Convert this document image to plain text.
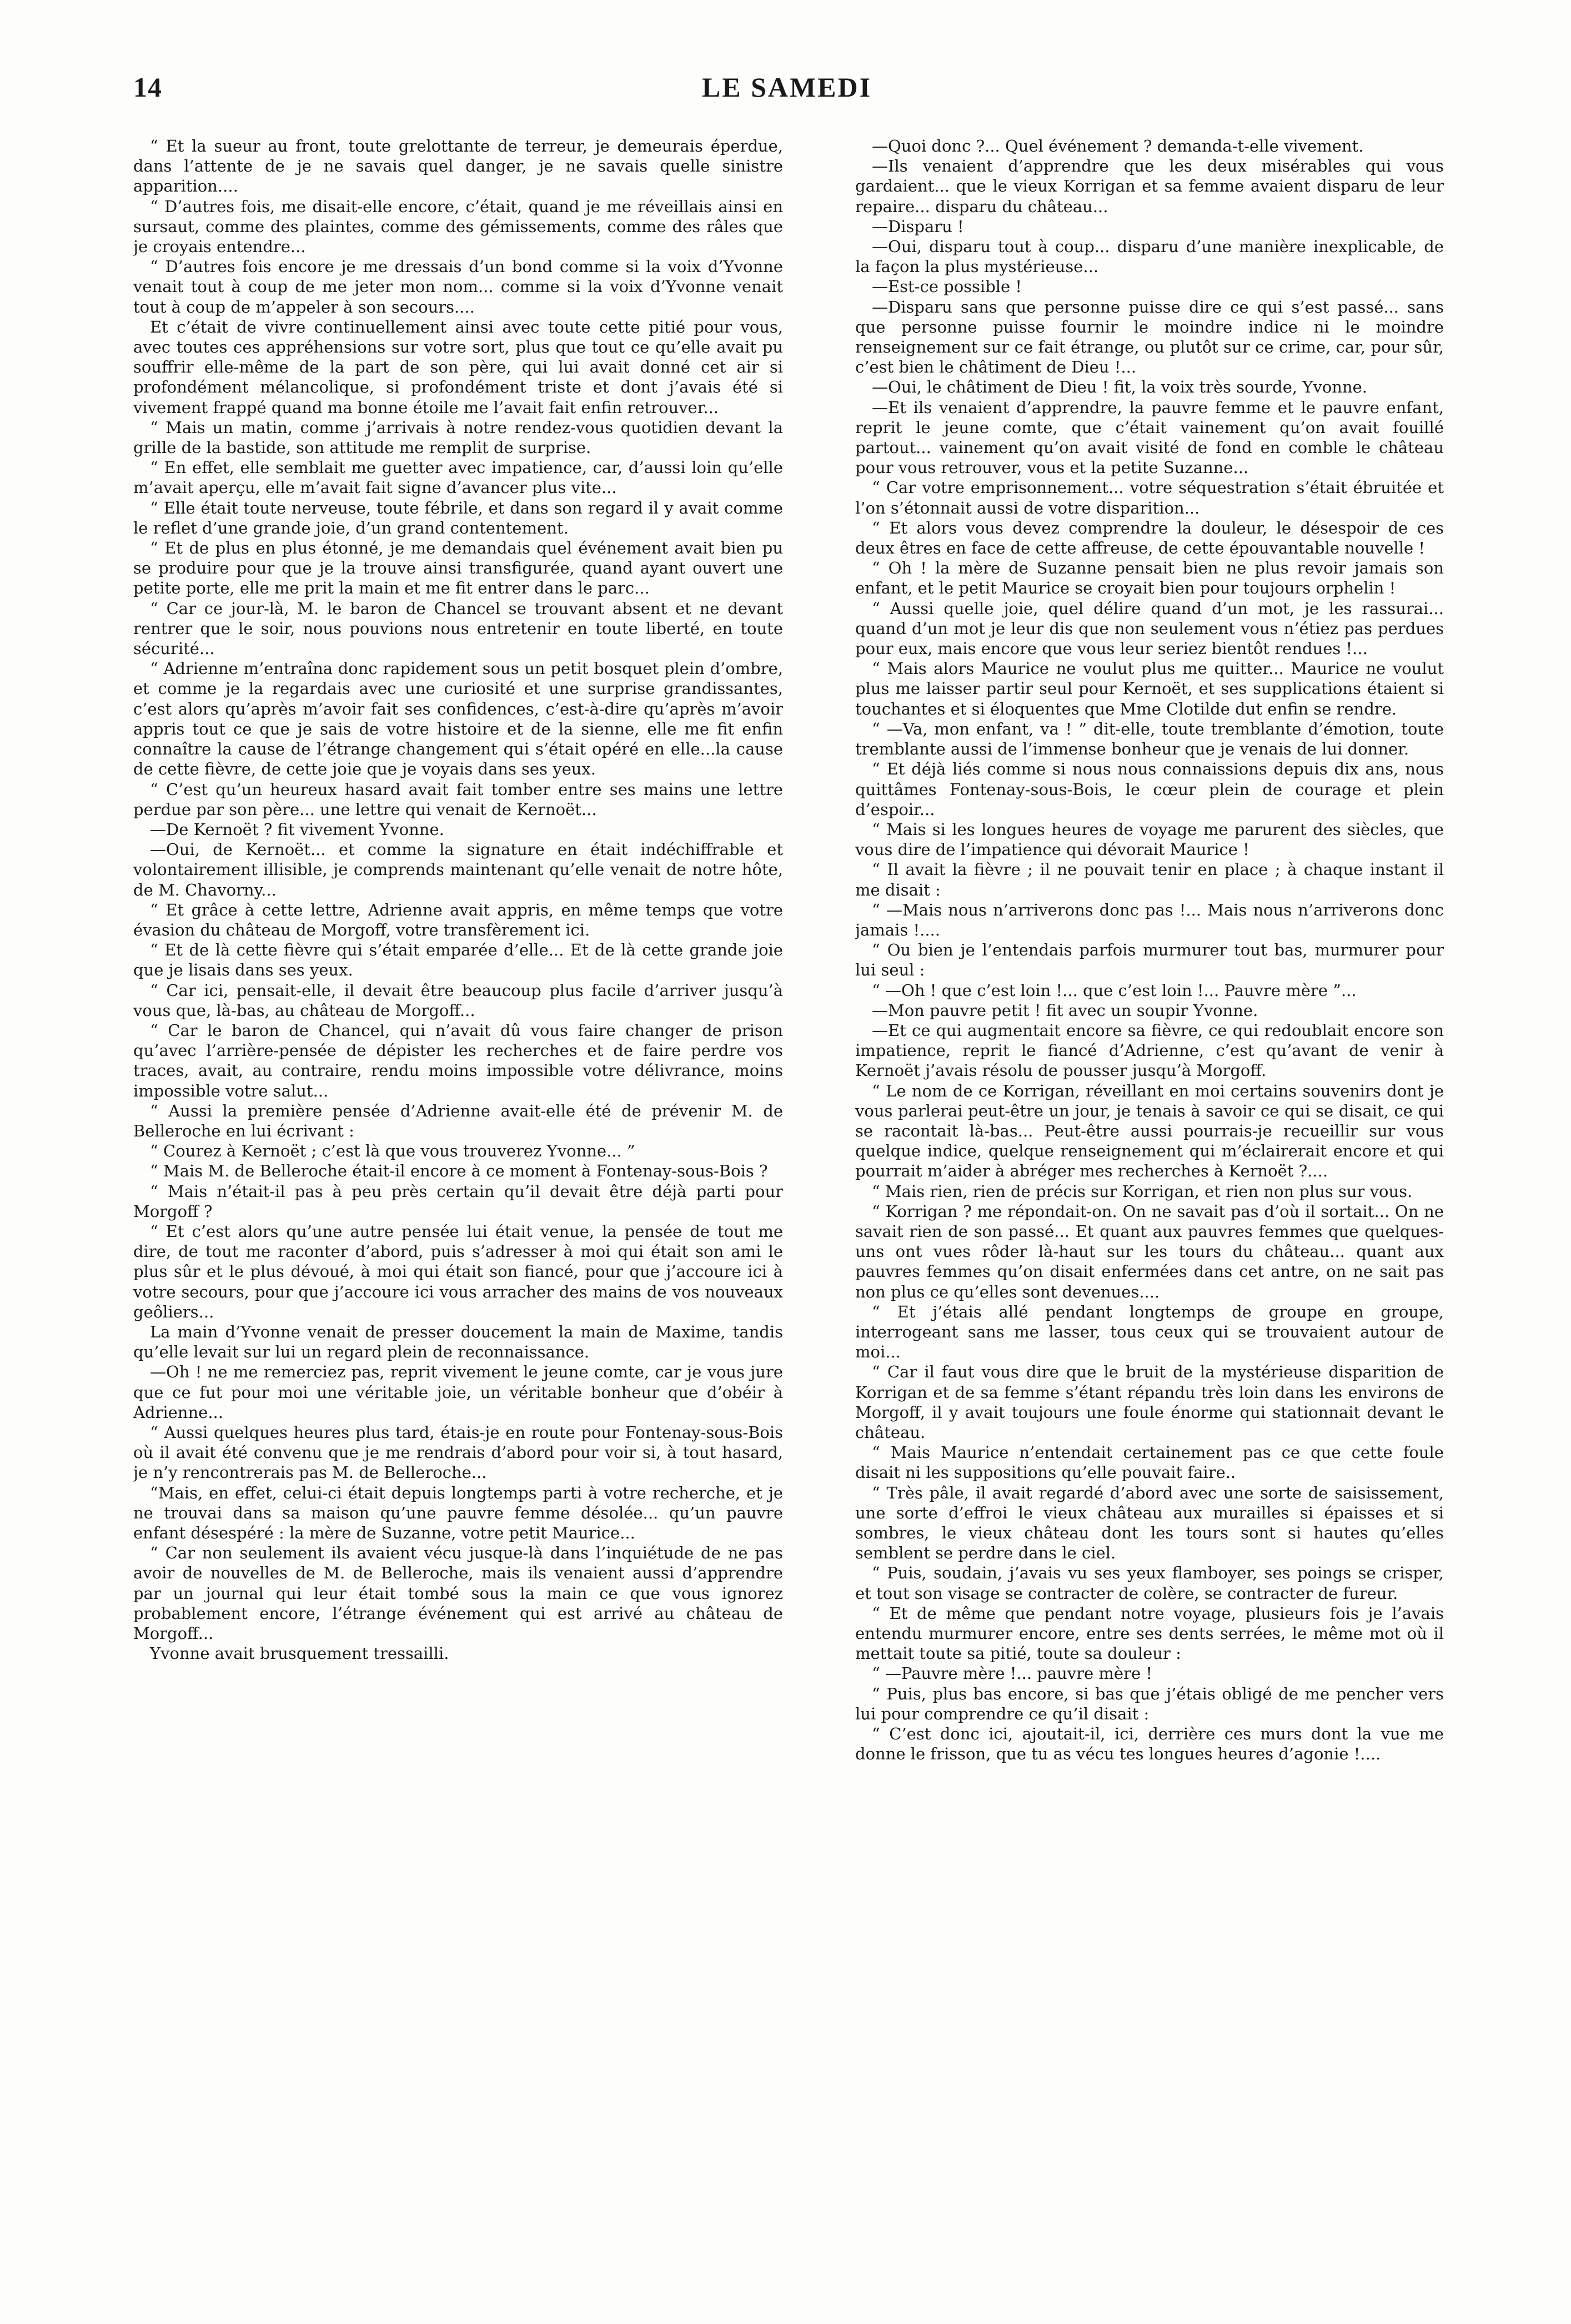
14	LE SAMEDI

“ Et la sueur au front, toute grelottante de terreur, je demeurais éperdue, dans l’attente de je ne savais quel danger, je ne savais quelle sinistre apparition....

“ D’autres fois, me disait-elle encore, c’était, quand je me réveillais ainsi en sursaut, comme des plaintes, comme des gémissements, comme des râles que je croyais entendre...

“ D’autres fois encore je me dressais d’un bond comme si la voix d’Yvonne venait tout à coup de me jeter mon nom... comme si la voix d’Yvonne venait tout à coup de m’appeler à son secours....

Et c’était de vivre continuellement ainsi avec toute cette pitié pour vous, avec toutes ces appréhensions sur votre sort, plus que tout ce qu’elle avait pu souffrir elle-même de la part de son père, qui lui avait donné cet air si profondément mélancolique, si profondément triste et dont j’avais été si vivement frappé quand ma bonne étoile me l’avait fait enfin retrouver...

“ Mais un matin, comme j’arrivais à notre rendez-vous quotidien devant la grille de la bastide, son attitude me remplit de surprise.

“ En effet, elle semblait me guetter avec impatience, car, d’aussi loin qu’elle m’avait aperçu, elle m’avait fait signe d’avancer plus vite...

“ Elle était toute nerveuse, toute fébrile, et dans son regard il y avait comme le reflet d’une grande joie, d’un grand contentement.

“ Et de plus en plus étonné, je me demandais quel événement avait bien pu se produire pour que je la trouve ainsi transfigurée, quand ayant ouvert une petite porte, elle me prit la main et me fit entrer dans le parc...

“ Car ce jour-là, M. le baron de Chancel se trouvant absent et ne devant rentrer que le soir, nous pouvions nous entretenir en toute liberté, en toute sécurité...

“ Adrienne m’entraîna donc rapidement sous un petit bosquet plein d’ombre, et comme je la regardais avec une curiosité et une surprise grandissantes, c’est alors qu’après m’avoir fait ses confidences, c’est-à-dire qu’après m’avoir appris tout ce que je sais de votre histoire et de la sienne, elle me fit enfin connaître la cause de l’étrange changement qui s’était opéré en elle...la cause de cette fièvre, de cette joie que je voyais dans ses yeux.

“ C’est qu’un heureux hasard avait fait tomber entre ses mains une lettre perdue par son père... une lettre qui venait de Kernoët...

—De Kernoët ? fit vivement Yvonne.

—Oui, de Kernoët... et comme la signature en était indéchiffrable et volontairement illisible, je comprends maintenant qu’elle venait de notre hôte, de M. Chavorny...

“ Et grâce à cette lettre, Adrienne avait appris, en même temps que votre évasion du château de Morgoff, votre transfèrement ici.

“ Et de là cette fièvre qui s’était emparée d’elle... Et de là cette grande joie que je lisais dans ses yeux.

“ Car ici, pensait-elle, il devait être beaucoup plus facile d’arriver jusqu’à vous que, là-bas, au château de Morgoff...

“ Car le baron de Chancel, qui n’avait dû vous faire changer de prison qu’avec l’arrière-pensée de dépister les recherches et de faire perdre vos traces, avait, au contraire, rendu moins impossible votre délivrance, moins impossible votre salut...

“ Aussi la première pensée d’Adrienne avait-elle été de prévenir M. de Belleroche en lui écrivant :

“ Courez à Kernoët ; c’est là que vous trouverez Yvonne... ”

“ Mais M. de Belleroche était-il encore à ce moment à Fontenay-sous-Bois ?

“ Mais n’était-il pas à peu près certain qu’il devait être déjà parti pour Morgoff ?

“ Et c’est alors qu’une autre pensée lui était venue, la pensée de tout me dire, de tout me raconter d’abord, puis s’adresser à moi qui était son ami le plus sûr et le plus dévoué, à moi qui était son fiancé, pour que j’accoure ici à votre secours, pour que j’accoure ici vous arracher des mains de vos nouveaux geôliers...

La main d’Yvonne venait de presser doucement la main de Maxime, tandis qu’elle levait sur lui un regard plein de reconnaissance.

—Oh ! ne me remerciez pas, reprit vivement le jeune comte, car je vous jure que ce fut pour moi une véritable joie, un véritable bonheur que d’obéir à Adrienne...

“ Aussi quelques heures plus tard, étais-je en route pour Fontenay-sous-Bois où il avait été convenu que je me rendrais d’abord pour voir si, à tout hasard, je n’y rencontrerais pas M. de Belleroche...

“Mais, en effet, celui-ci était depuis longtemps parti à votre recherche, et je ne trouvai dans sa maison qu’une pauvre femme désolée... qu’un pauvre enfant désespéré : la mère de Suzanne, votre petit Maurice...

“ Car non seulement ils avaient vécu jusque-là dans l’inquiétude de ne pas avoir de nouvelles de M. de Belleroche, mais ils venaient aussi d’apprendre par un journal qui leur était tombé sous la main ce que vous ignorez probablement encore, l’étrange événement qui est arrivé au château de Morgoff...

Yvonne avait brusquement tressailli.

—Quoi donc ?... Quel événement ? demanda-t-elle vivement.

—Ils venaient d’apprendre que les deux misérables qui vous gardaient... que le vieux Korrigan et sa femme avaient disparu de leur repaire... disparu du château...

—Disparu !

—Oui, disparu tout à coup... disparu d’une manière inexplicable, de la façon la plus mystérieuse...

—Est-ce possible !

—Disparu sans que personne puisse dire ce qui s’est passé... sans que personne puisse fournir le moindre indice ni le moindre renseignement sur ce fait étrange, ou plutôt sur ce crime, car, pour sûr, c’est bien le châtiment de Dieu !...

—Oui, le châtiment de Dieu ! fit, la voix très sourde, Yvonne.

—Et ils venaient d’apprendre, la pauvre femme et le pauvre enfant, reprit le jeune comte, que c’était vainement qu’on avait fouillé partout... vainement qu’on avait visité de fond en comble le château pour vous retrouver, vous et la petite Suzanne...

“ Car votre emprisonnement... votre séquestration s’était ébruitée et l’on s’étonnait aussi de votre disparition...

“ Et alors vous devez comprendre la douleur, le désespoir de ces deux êtres en face de cette affreuse, de cette épouvantable nouvelle !

“ Oh ! la mère de Suzanne pensait bien ne plus revoir jamais son enfant, et le petit Maurice se croyait bien pour toujours orphelin !

“ Aussi quelle joie, quel délire quand d’un mot, je les rassurai... quand d’un mot je leur dis que non seulement vous n’étiez pas perdues pour eux, mais encore que vous leur seriez bientôt rendues !...

“ Mais alors Maurice ne voulut plus me quitter... Maurice ne voulut plus me laisser partir seul pour Kernoët, et ses supplications étaient si touchantes et si éloquentes que Mme Clotilde dut enfin se rendre.

“ —Va, mon enfant, va ! ” dit-elle, toute tremblante d’émotion, toute tremblante aussi de l’immense bonheur que je venais de lui donner.

“ Et déjà liés comme si nous nous connaissions depuis dix ans, nous quittâmes Fontenay-sous-Bois, le cœur plein de courage et plein d’espoir...

“ Mais si les longues heures de voyage me parurent des siècles, que vous dire de l’impatience qui dévorait Maurice !

“ Il avait la fièvre ; il ne pouvait tenir en place ; à chaque instant il me disait :

“ —Mais nous n’arriverons donc pas !... Mais nous n’arriverons donc jamais !....

“ Ou bien je l’entendais parfois murmurer tout bas, murmurer pour lui seul :

“ —Oh ! que c’est loin !... que c’est loin !... Pauvre mère ”...

—Mon pauvre petit ! fit avec un soupir Yvonne.

—Et ce qui augmentait encore sa fièvre, ce qui redoublait encore son impatience, reprit le fiancé d’Adrienne, c’est qu’avant de venir à Kernoët j’avais résolu de pousser jusqu’à Morgoff.

“ Le nom de ce Korrigan, réveillant en moi certains souvenirs dont je vous parlerai peut-être un jour, je tenais à savoir ce qui se disait, ce qui se racontait là-bas... Peut-être aussi pourrais-je recueillir sur vous quelque indice, quelque renseignement qui m’éclairerait encore et qui pourrait m’aider à abréger mes recherches à Kernoët ?....

“ Mais rien, rien de précis sur Korrigan, et rien non plus sur vous.

“ Korrigan ? me répondait-on. On ne savait pas d’où il sortait... On ne savait rien de son passé... Et quant aux pauvres femmes que quelques-uns ont vues rôder là-haut sur les tours du château... quant aux pauvres femmes qu’on disait enfermées dans cet antre, on ne sait pas non plus ce qu’elles sont devenues....

“ Et j’étais allé pendant longtemps de groupe en groupe, interrogeant sans me lasser, tous ceux qui se trouvaient autour de moi...

“ Car il faut vous dire que le bruit de la mystérieuse disparition de Korrigan et de sa femme s’étant répandu très loin dans les environs de Morgoff, il y avait toujours une foule énorme qui stationnait devant le château.

“ Mais Maurice n’entendait certainement pas ce que cette foule disait ni les suppositions qu’elle pouvait faire..

“ Très pâle, il avait regardé d’abord avec une sorte de saisissement, une sorte d’effroi le vieux château aux murailles si épaisses et si sombres, le vieux château dont les tours sont si hautes qu’elles semblent se perdre dans le ciel.

“ Puis, soudain, j’avais vu ses yeux flamboyer, ses poings se crisper, et tout son visage se contracter de colère, se contracter de fureur.

“ Et de même que pendant notre voyage, plusieurs fois je l’avais entendu murmurer encore, entre ses dents serrées, le même mot où il mettait toute sa pitié, toute sa douleur :

“ —Pauvre mère !... pauvre mère !

“ Puis, plus bas encore, si bas que j’étais obligé de me pencher vers lui pour comprendre ce qu’il disait :

“ C’est donc ici, ajoutait-il, ici, derrière ces murs dont la vue me donne le frisson, que tu as vécu tes longues heures d’agonie !....
